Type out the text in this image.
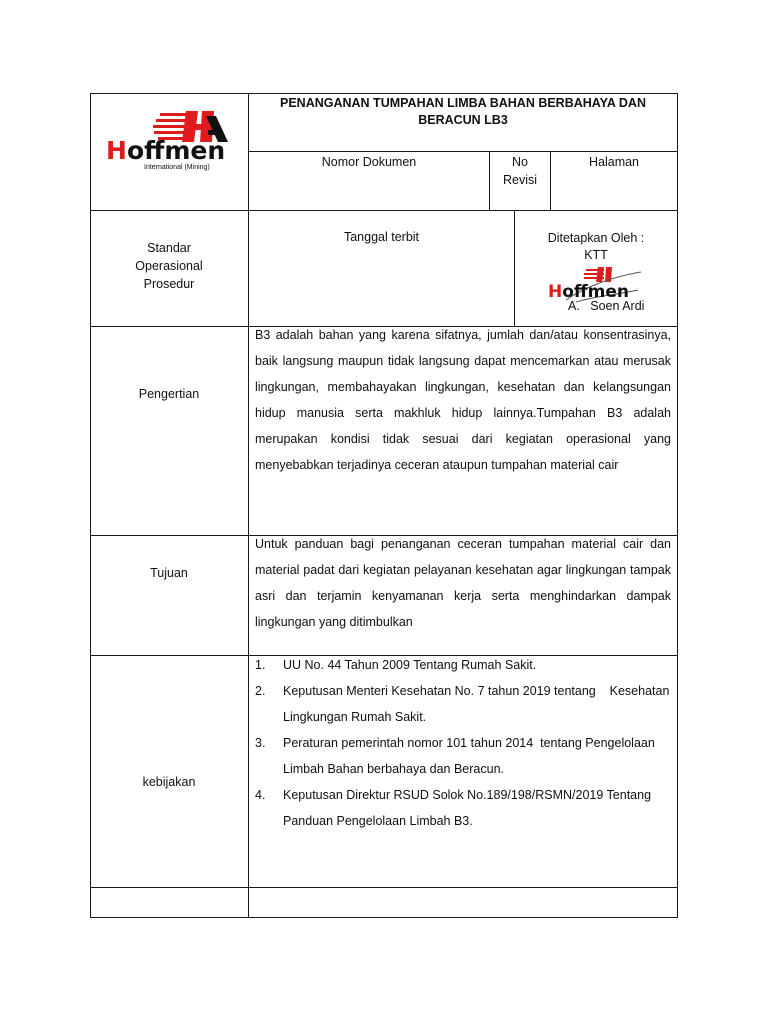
Hoffmen
International (Mining)
PENANGANAN TUMPAHAN LIMBA BAHAN BERBAHAYA DAN BERACUN LB3
Nomor Dokumen	No Revisi
Halaman
Standar Operasional Prosedur
Tanggal terbit	Ditetapkan Oleh :
KTT
Hoffmen
A.   Soen Ardi
Pengertian
B3 adalah bahan yang karena sifatnya, jumlah dan/atau konsentrasinya, baik langsung maupun tidak langsung dapat mencemarkan atau merusak lingkungan, membahayakan lingkungan, kesehatan dan kelangsungan hidup manusia serta makhluk hidup lainnya.Tumpahan B3 adalah merupakan kondisi tidak sesuai dari kegiatan operasional yang menyebabkan terjadinya ceceran ataupun tumpahan material cair
Tujuan
Untuk panduan bagi penanganan ceceran tumpahan material cair dan material padat dari kegiatan pelayanan kesehatan agar lingkungan tampak asri dan terjamin kenyamanan kerja serta menghindarkan dampak lingkungan yang ditimbulkan
kebijakan
1. UU No. 44 Tahun 2009 Tentang Rumah Sakit.
2. Keputusan Menteri Kesehatan No. 7 tahun 2019 tentang    Kesehatan Lingkungan Rumah Sakit.
3. Peraturan pemerintah nomor 101 tahun 2014  tentang Pengelolaan Limbah Bahan berbahaya dan Beracun.
4. Keputusan Direktur RSUD Solok No.189/198/RSMN/2019 Tentang Panduan Pengelolaan Limbah B3.
